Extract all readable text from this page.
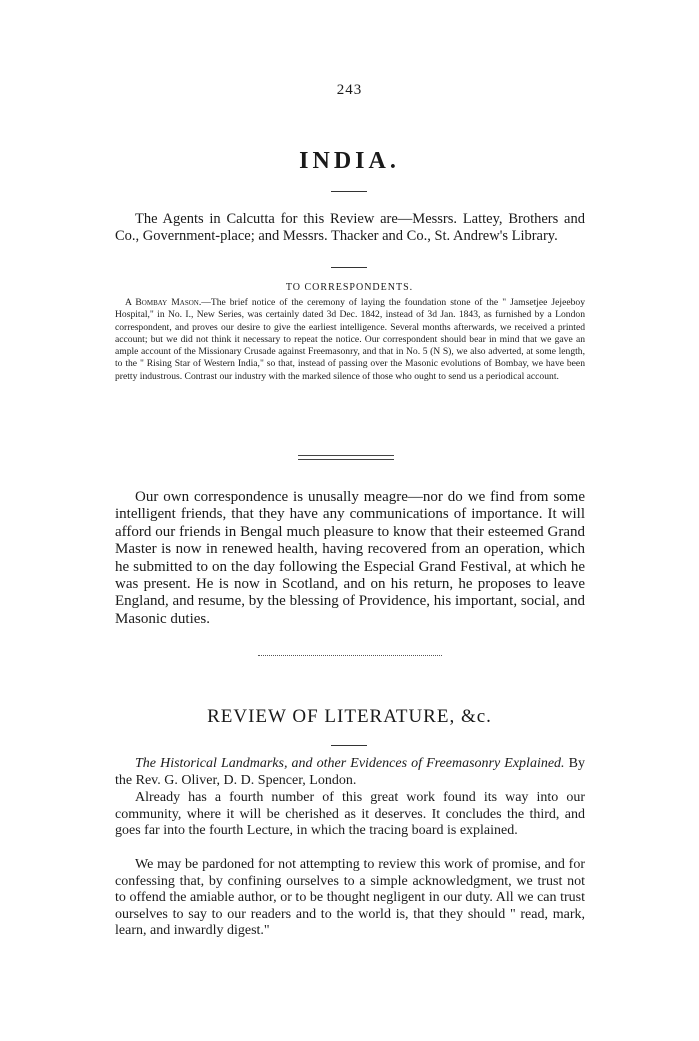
243
INDIA.
The Agents in Calcutta for this Review are—Messrs. Lattey, Brothers and Co., Government-place; and Messrs. Thacker and Co., St. Andrew's Library.
TO CORRESPONDENTS.
A Bombay Mason.—The brief notice of the ceremony of laying the foundation stone of the " Jamsetjee Jejeeboy Hospital," in No. I., New Series, was certainly dated 3d Dec. 1842, instead of 3d Jan. 1843, as furnished by a London correspondent, and proves our desire to give the earliest intelligence. Several months afterwards, we received a printed account; but we did not think it necessary to repeat the notice. Our correspondent should bear in mind that we gave an ample account of the Missionary Crusade against Freemasonry, and that in No. 5 (N S), we also adverted, at some length, to the " Rising Star of Western India," so that, instead of passing over the Masonic evolutions of Bombay, we have been pretty industrous. Contrast our industry with the marked silence of those who ought to send us a periodical account.
Our own correspondence is unusally meagre—nor do we find from some intelligent friends, that they have any communications of importance. It will afford our friends in Bengal much pleasure to know that their esteemed Grand Master is now in renewed health, having recovered from an operation, which he submitted to on the day following the Especial Grand Festival, at which he was present. He is now in Scotland, and on his return, he proposes to leave England, and resume, by the blessing of Providence, his important, social, and Masonic duties.
REVIEW OF LITERATURE, &c.
The Historical Landmarks, and other Evidences of Freemasonry Explained. By the Rev. G. Oliver, D. D. Spencer, London.
Already has a fourth number of this great work found its way into our community, where it will be cherished as it deserves. It concludes the third, and goes far into the fourth Lecture, in which the tracing board is explained.
We may be pardoned for not attempting to review this work of promise, and for confessing that, by confining ourselves to a simple acknowledgment, we trust not to offend the amiable author, or to be thought negligent in our duty. All we can trust ourselves to say to our readers and to the world is, that they should " read, mark, learn, and inwardly digest."
